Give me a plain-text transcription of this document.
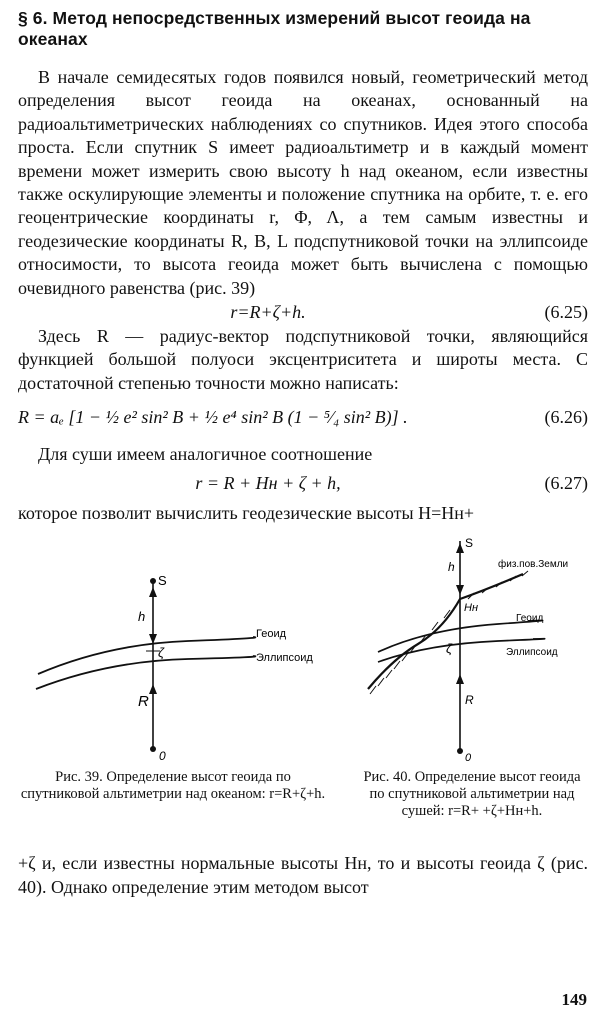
§ 6. Метод непосредственных измерений высот геоида на океанах

В начале семидесятых годов появился новый, геометрический метод определения высот геоида на океанах, основанный на радиоальтиметрических наблюдениях со спутников. Идея этого способа проста. Если спутник S имеет радиоальтиметр и в каждый момент времени может измерить свою высоту h над океаном, если известны также оскулирующие элементы и положение спутника на орбите, т. е. его геоцентрические координаты r, Φ, Λ, а тем самым известны и геодезические координаты R, B, L подспутниковой точки на эллипсоиде относимости, то высота геоида может быть вычислена с помощью очевидного равенства (рис. 39)

r=R+ζ+h.	(6.25)

Здесь R — радиус-вектор подспутниковой точки, являющийся функцией большой полуоси эксцентриситета и широты места. С достаточной степенью точности можно написать:

R = aₑ [1 − ½ e² sin² B + ½ e⁴ sin² B (1 − ⁵⁄₄ sin² B)] .	(6.26)

Для суши имеем аналогичное соотношение

r = R + Hн + ζ + h,	(6.27)

которое позволит вычислить геодезические высоты H=Hн+

S
h
ζ
R
0
Геоид
Эллипсоид
S
h
Hн
ζ
R
0
физ.пов.Земли
Геоид
Эллипсоид
Рис. 39. Определение высот геоида по спутниковой альтиметрии над океаном: r=R+ζ+h.
Рис. 40. Определение высот геоида по спутниковой альтиметрии над сушей: r=R+ +ζ+Hн+h.

+ζ и, если известны нормальные высоты Hн, то и высоты геоида ζ (рис. 40). Однако определение этим методом высот

149
